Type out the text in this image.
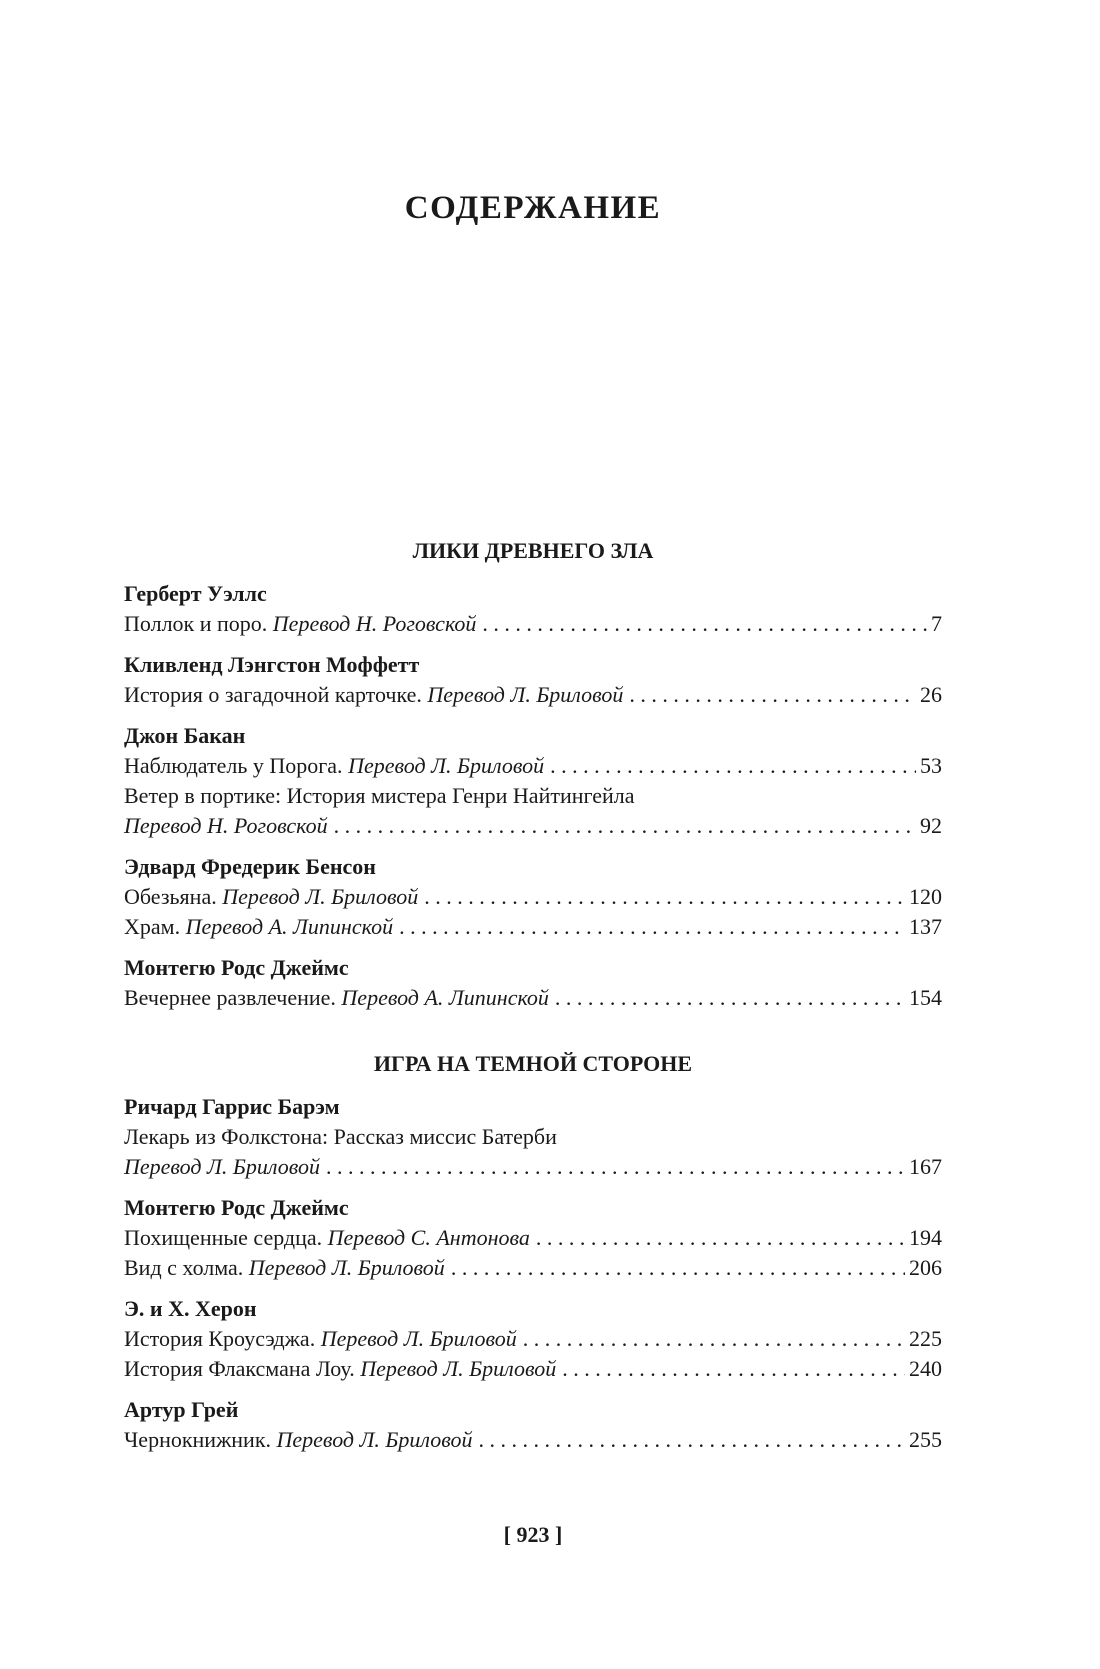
СОДЕРЖАНИЕ
ЛИКИ ДРЕВНЕГО ЗЛА
Герберт Уэллс
Поллок и поро.
Перевод Н. Роговской . . .	7
Кливленд Лэнгстон Моффетт
История о загадочной карточке.
Перевод Л. Бриловой . . .	26
Джон Бакан
Наблюдатель у Порога.
Перевод Л. Бриловой . . .	53
Ветер в портике: История мистера Генри Найтингейла
Перевод Н. Роговской . . .	92
Эдвард Фредерик Бенсон
Обезьяна.
Перевод Л. Бриловой . . .	120
Храм.
Перевод А. Липинской . . .	137
Монтегю Родс Джеймс
Вечернее развлечение.
Перевод А. Липинской . . .	154
ИГРА НА ТЕМНОЙ СТОРОНЕ
Ричард Гаррис Барэм
Лекарь из Фолкстона: Рассказ миссис Батерби
Перевод Л. Бриловой . . .	167
Монтегю Родс Джеймс
Похищенные сердца.
Перевод С. Антонова . . .	194
Вид с холма.
Перевод Л. Бриловой . . .	206
Э. и Х. Херон
История Кроусэджа.
Перевод Л. Бриловой . . .	225
История Флаксмана Лоу.
Перевод Л. Бриловой . . .	240
Артур Грей
Чернокнижник.
Перевод Л. Бриловой . . .	255
[ 923 ]
